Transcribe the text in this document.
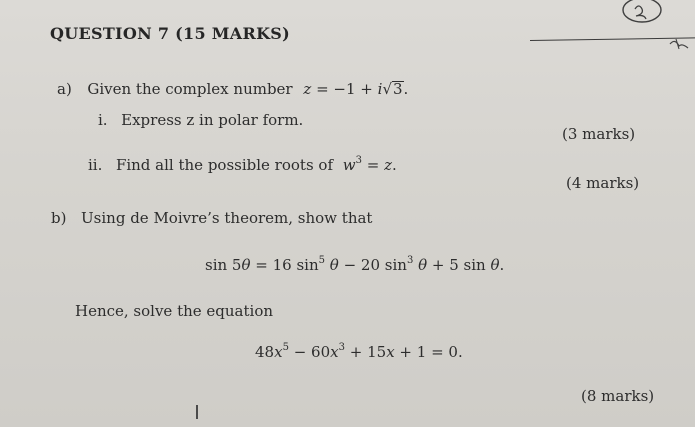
QUESTION 7 (15 MARKS)
a) Given the complex number z = −1 + i√3.
i. Express z in polar form.
(3 marks)
ii. Find all the possible roots of $w^3 = z$.
(4 marks)
b) Using de Moivre’s theorem, show that
sin 5θ = 16 $\sin^5 \theta - 20$ $\sin^3 \theta + 5$ sin θ.
Hence, solve the equation
$48x^5 - 60x^3 + 15x + 1 = 0$.
(8 marks)
